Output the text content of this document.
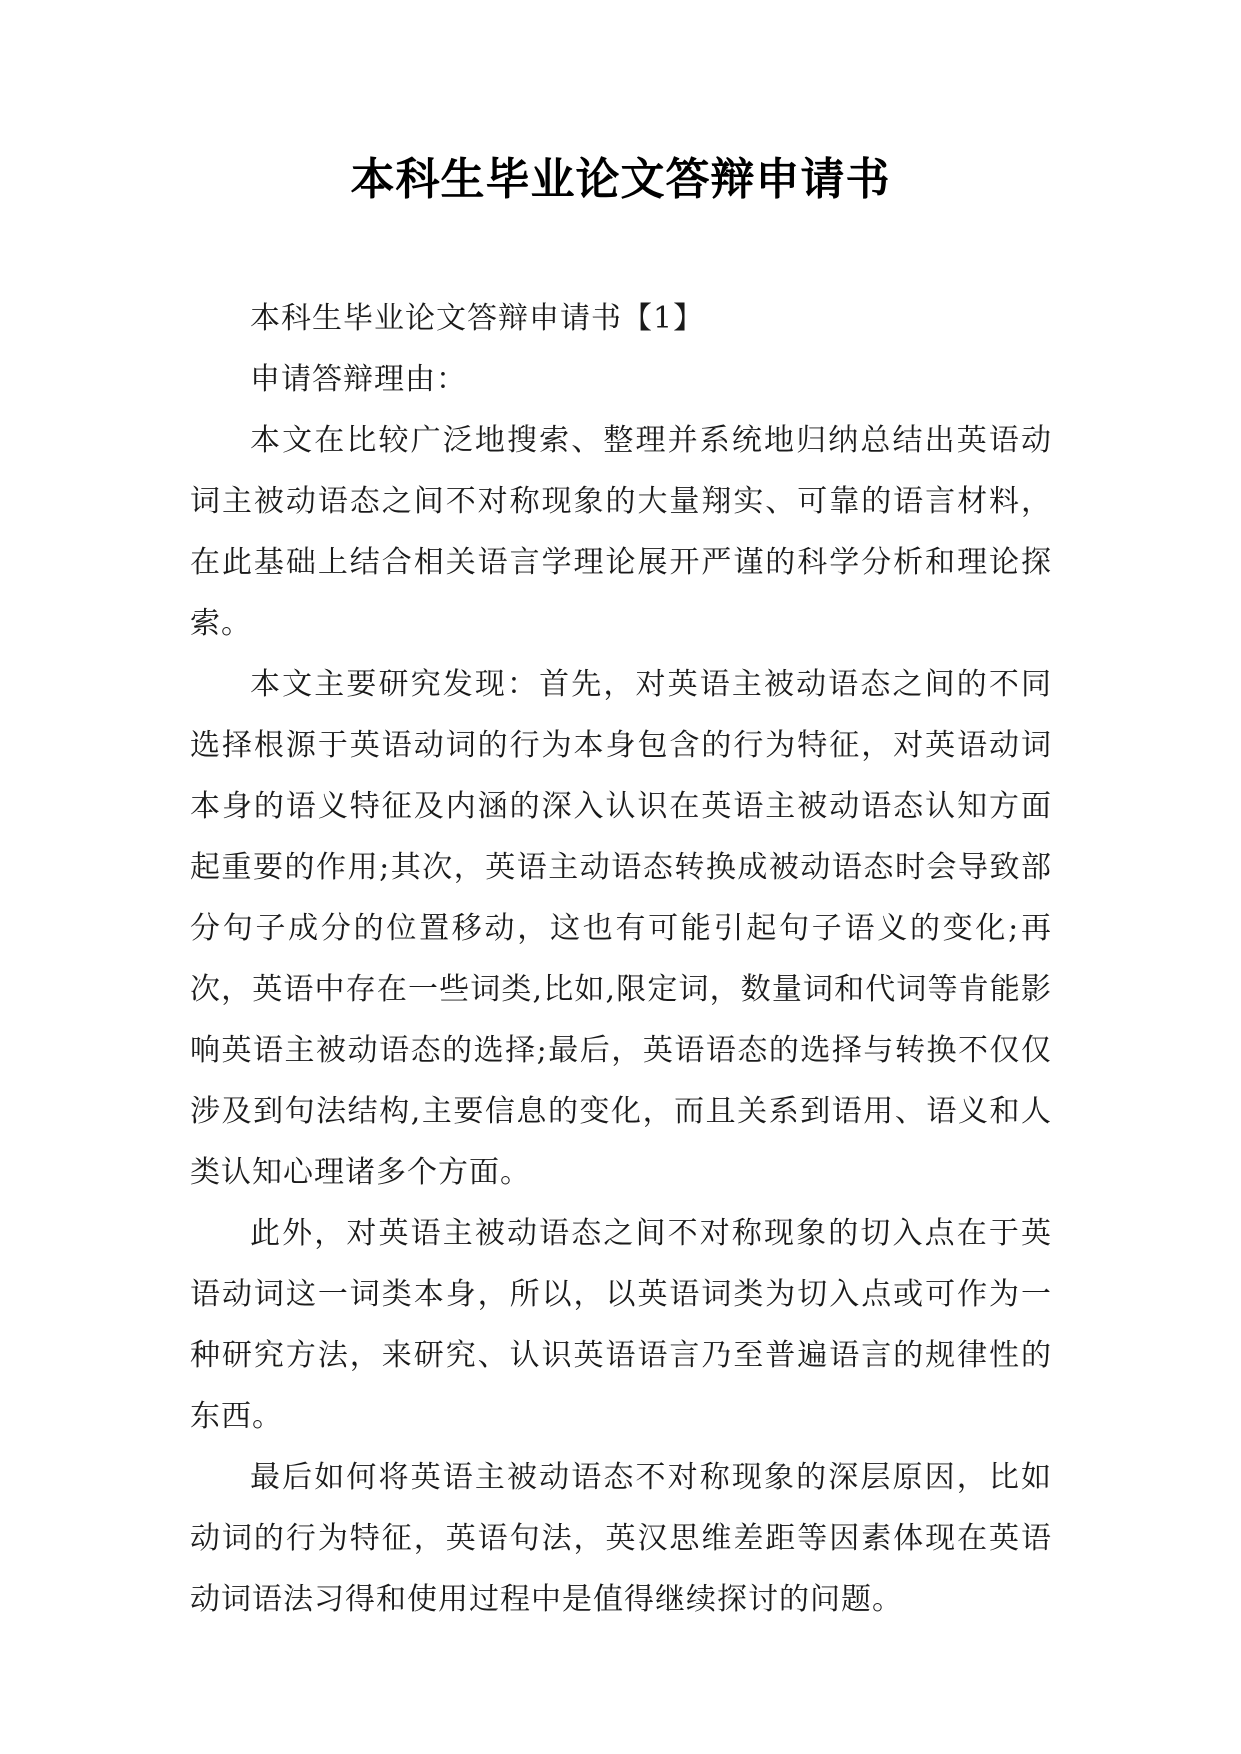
本科生毕业论文答辩申请书

本科生毕业论文答辩申请书【1】

申请答辩理由：

本文在比较广泛地搜索、整理并系统地归纳总结出英语动词主被动语态之间不对称现象的大量翔实、可靠的语言材料，在此基础上结合相关语言学理论展开严谨的科学分析和理论探索。

本文主要研究发现：首先，对英语主被动语态之间的不同选择根源于英语动词的行为本身包含的行为特征，对英语动词本身的语义特征及内涵的深入认识在英语主被动语态认知方面起重要的作用;其次，英语主动语态转换成被动语态时会导致部分句子成分的位置移动，这也有可能引起句子语义的变化;再次，英语中存在一些词类,比如,限定词，数量词和代词等肯能影响英语主被动语态的选择;最后，英语语态的选择与转换不仅仅涉及到句法结构,主要信息的变化，而且关系到语用、语义和人类认知心理诸多个方面。

此外，对英语主被动语态之间不对称现象的切入点在于英语动词这一词类本身，所以，以英语词类为切入点或可作为一种研究方法，来研究、认识英语语言乃至普遍语言的规律性的东西。

最后如何将英语主被动语态不对称现象的深层原因，比如动词的行为特征，英语句法，英汉思维差距等因素体现在英语动词语法习得和使用过程中是值得继续探讨的问题。
